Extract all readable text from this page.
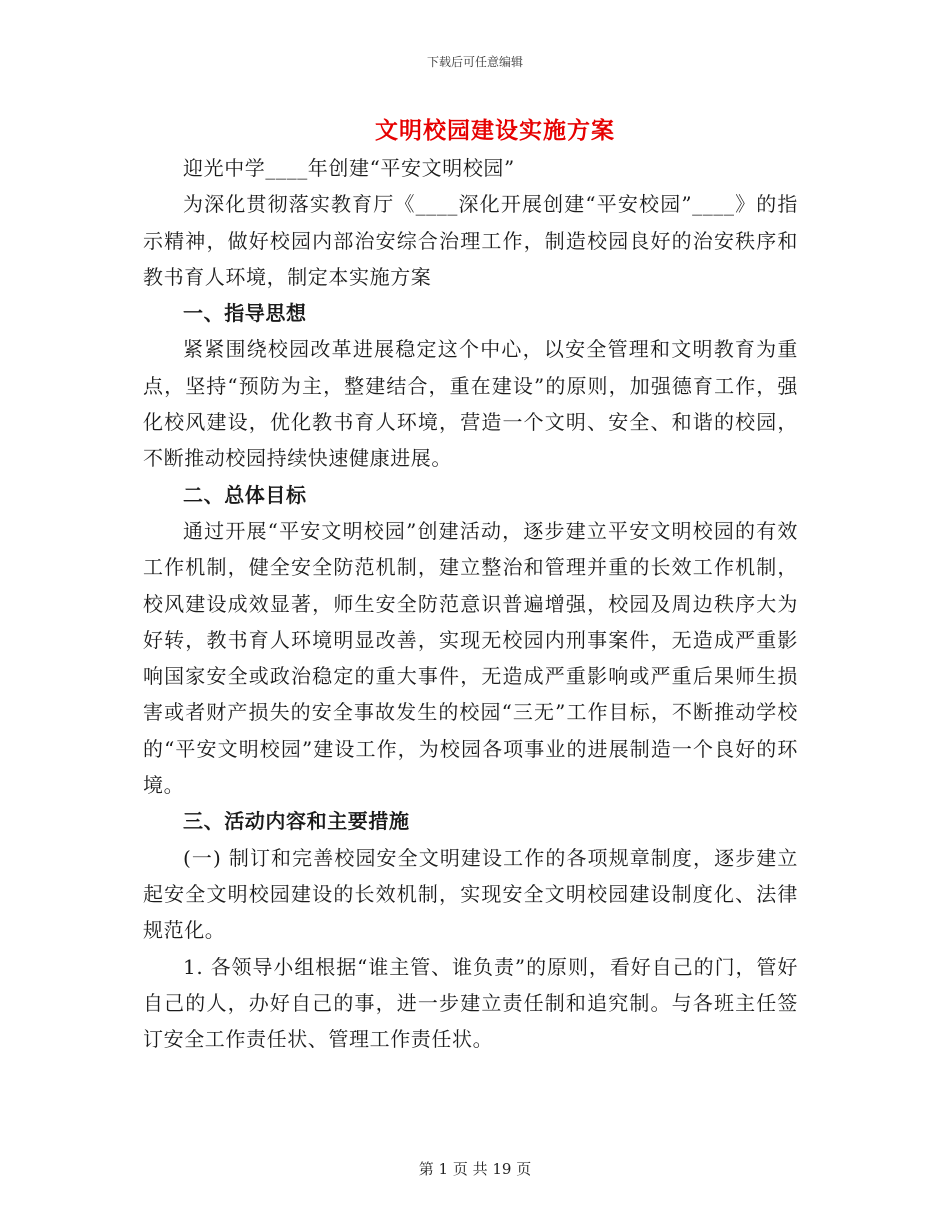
下载后可任意编辑
文明校园建设实施方案

迎光中学____年创建“平安文明校园”

为深化贯彻落实教育厅《____深化开展创建“平安校园”____》的指示精神，做好校园内部治安综合治理工作，制造校园良好的治安秩序和教书育人环境，制定本实施方案

一、指导思想

紧紧围绕校园改革进展稳定这个中心，以安全管理和文明教育为重点，坚持“预防为主，整建结合，重在建设”的原则，加强德育工作，强化校风建设，优化教书育人环境，营造一个文明、安全、和谐的校园，不断推动校园持续快速健康进展。

二、总体目标

通过开展“平安文明校园”创建活动，逐步建立平安文明校园的有效工作机制，健全安全防范机制，建立整治和管理并重的长效工作机制，校风建设成效显著，师生安全防范意识普遍增强，校园及周边秩序大为好转，教书育人环境明显改善，实现无校园内刑事案件，无造成严重影响国家安全或政治稳定的重大事件，无造成严重影响或严重后果师生损害或者财产损失的安全事故发生的校园“三无”工作目标，不断推动学校的“平安文明校园”建设工作，为校园各项事业的进展制造一个良好的环境。

三、活动内容和主要措施

(一) 制订和完善校园安全文明建设工作的各项规章制度，逐步建立起安全文明校园建设的长效机制，实现安全文明校园建设制度化、法律规范化。

1. 各领导小组根据“谁主管、谁负责”的原则，看好自己的门，管好自己的人，办好自己的事，进一步建立责任制和追究制。与各班主任签订安全工作责任状、管理工作责任状。

第 1 页 共 19 页
